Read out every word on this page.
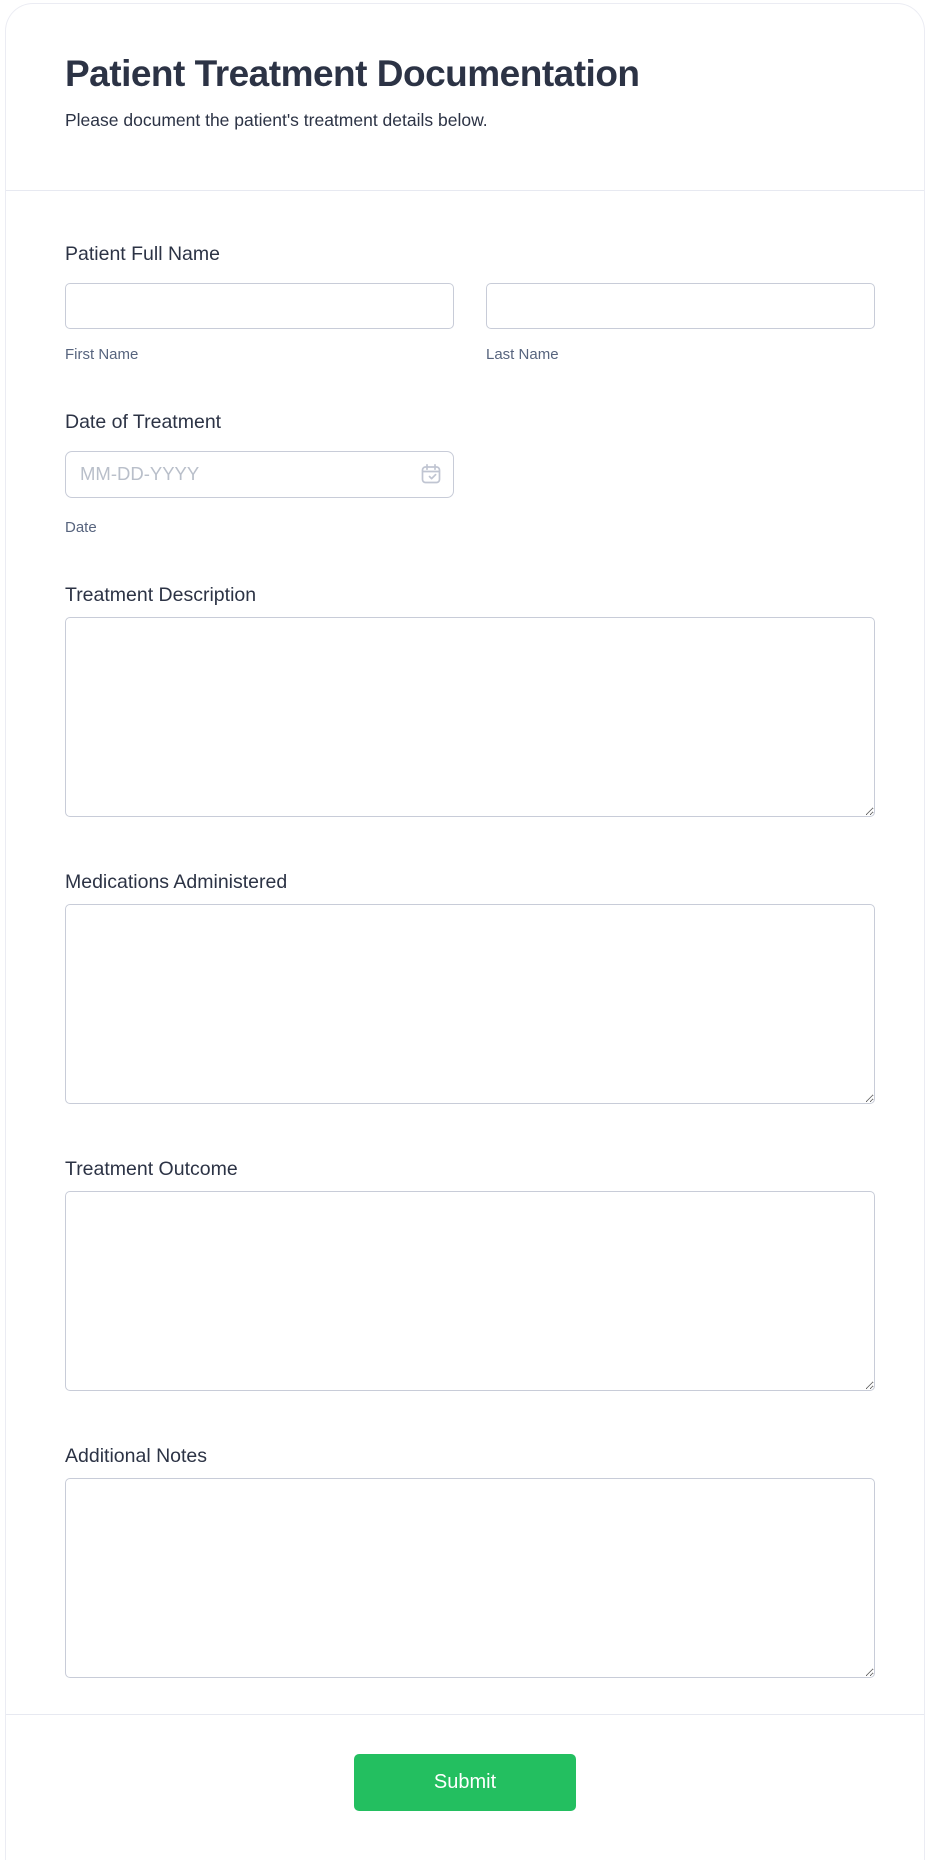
Patient Treatment Documentation
Please document the patient's treatment details below.
Patient Full Name
First Name	Last Name
Date of Treatment
MM-DD-YYYY
Date
Treatment Description
Medications Administered
Treatment Outcome
Additional Notes
Submit
